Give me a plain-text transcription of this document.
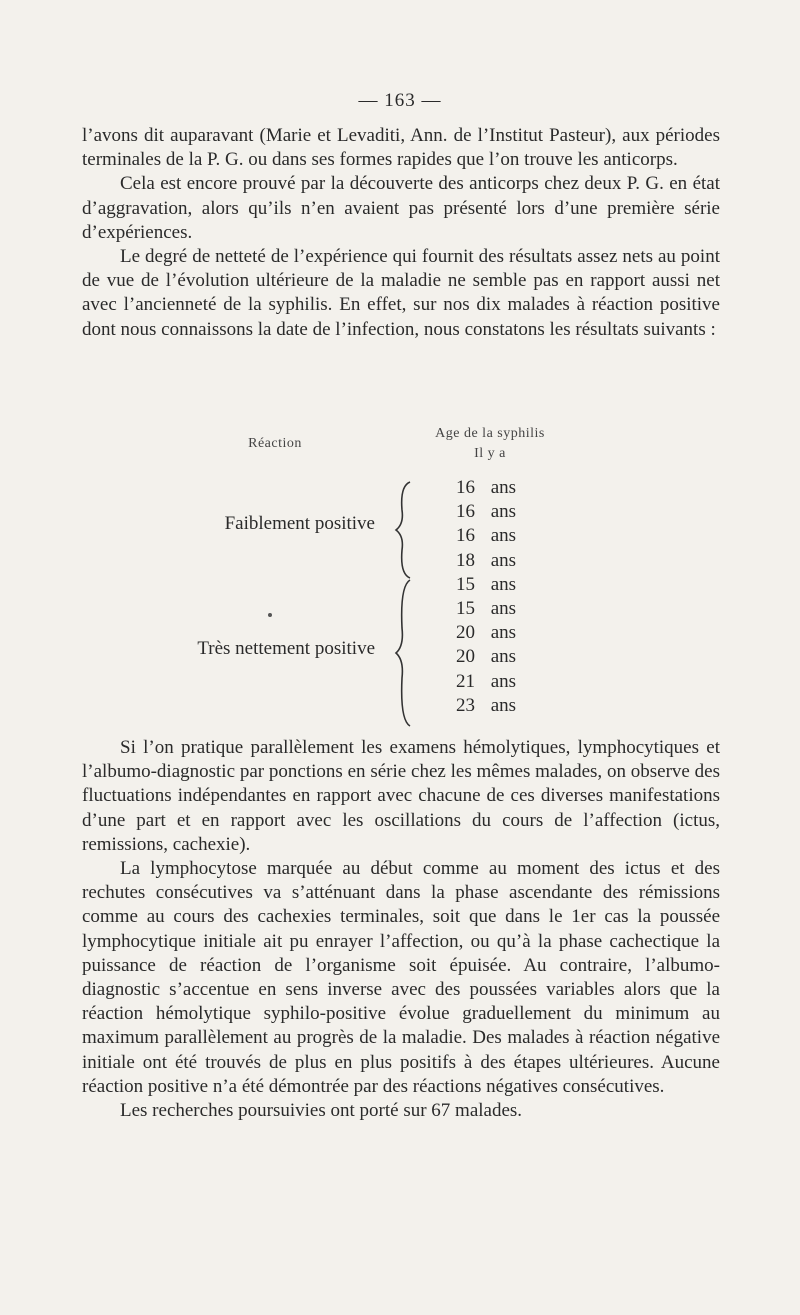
— 163 —

l’avons dit auparavant (Marie et Levaditi, Ann. de l’Institut Pasteur), aux périodes terminales de la P. G. ou dans ses formes rapides que l’on trouve les anticorps.

Cela est encore prouvé par la découverte des anticorps chez deux P. G. en état d’aggravation, alors qu’ils n’en avaient pas présenté lors d’une première série d’expériences.

Le degré de netteté de l’expérience qui fournit des résultats assez nets au point de vue de l’évolution ultérieure de la maladie ne semble pas en rapport aussi net avec l’ancienneté de la syphilis. En effet, sur nos dix malades à réaction positive dont nous connaissons la date de l’infection, nous constatons les résultats suivants :

Réaction
Age de la syphilis
Il y a
Faiblement positive
Très nettement positive
16 ans
16 ans
16 ans
18 ans
15 ans
15 ans
20 ans
20 ans
21 ans
23 ans

Si l’on pratique parallèlement les examens hémolytiques, lymphocytiques et l’albumo-diagnostic par ponctions en série chez les mêmes malades, on observe des fluctuations indépendantes en rapport avec chacune de ces diverses manifestations d’une part et en rapport avec les oscillations du cours de l’affection (ictus, remissions, cachexie).

La lymphocytose marquée au début comme au moment des ictus et des rechutes consécutives va s’atténuant dans la phase ascendante des rémissions comme au cours des cachexies terminales, soit que dans le 1er cas la poussée lymphocytique initiale ait pu enrayer l’affection, ou qu’à la phase cachectique la puissance de réaction de l’organisme soit épuisée. Au contraire, l’albumo-diagnostic s’accentue en sens inverse avec des poussées variables alors que la réaction hémolytique syphilo-positive évolue graduellement du minimum au maximum parallèlement au progrès de la maladie. Des malades à réaction négative initiale ont été trouvés de plus en plus positifs à des étapes ultérieures. Aucune réaction positive n’a été démontrée par des réactions négatives consécutives.

Les recherches poursuivies ont porté sur 67 malades.
